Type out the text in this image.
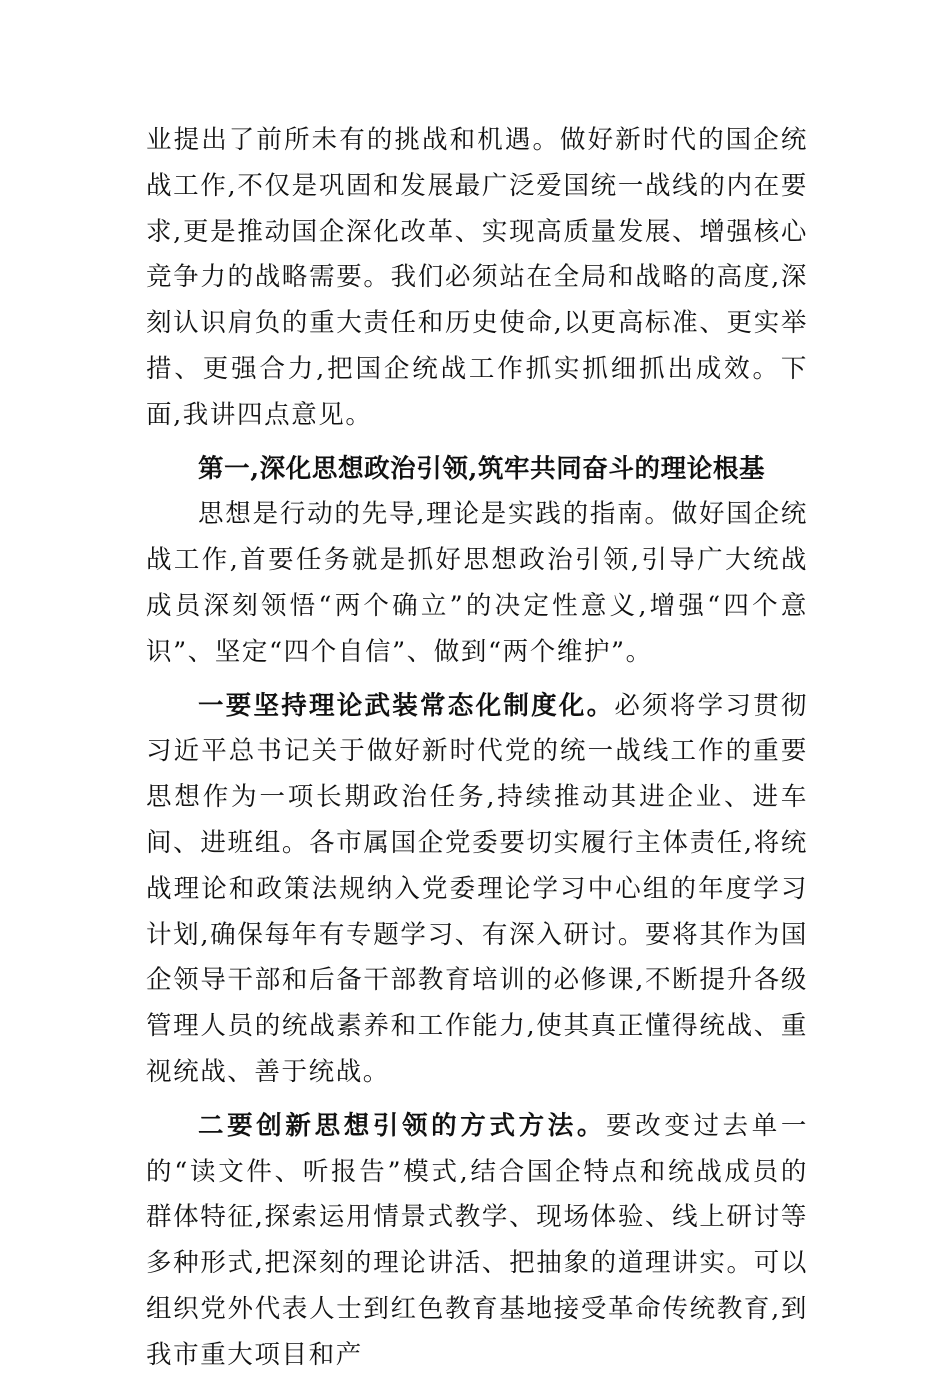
业提出了前所未有的挑战和机遇。做好新时代的国企统战工作,不仅是巩固和发展最广泛爱国统一战线的内在要求,更是推动国企深化改革、实现高质量发展、增强核心竞争力的战略需要。我们必须站在全局和战略的高度,深刻认识肩负的重大责任和历史使命,以更高标准、更实举措、更强合力,把国企统战工作抓实抓细抓出成效。下面,我讲四点意见。

第一,深化思想政治引领,筑牢共同奋斗的理论根基

思想是行动的先导,理论是实践的指南。做好国企统战工作,首要任务就是抓好思想政治引领,引导广大统战成员深刻领悟“两个确立”的决定性意义,增强“四个意识”、坚定“四个自信”、做到“两个维护”。

一要坚持理论武装常态化制度化。必须将学习贯彻习近平总书记关于做好新时代党的统一战线工作的重要思想作为一项长期政治任务,持续推动其进企业、进车间、进班组。各市属国企党委要切实履行主体责任,将统战理论和政策法规纳入党委理论学习中心组的年度学习计划,确保每年有专题学习、有深入研讨。要将其作为国企领导干部和后备干部教育培训的必修课,不断提升各级管理人员的统战素养和工作能力,使其真正懂得统战、重视统战、善于统战。

二要创新思想引领的方式方法。要改变过去单一的“读文件、听报告”模式,结合国企特点和统战成员的群体特征,探索运用情景式教学、现场体验、线上研讨等多种形式,把深刻的理论讲活、把抽象的道理讲实。可以组织党外代表人士到红色教育基地接受革命传统教育,到我市重大项目和产
